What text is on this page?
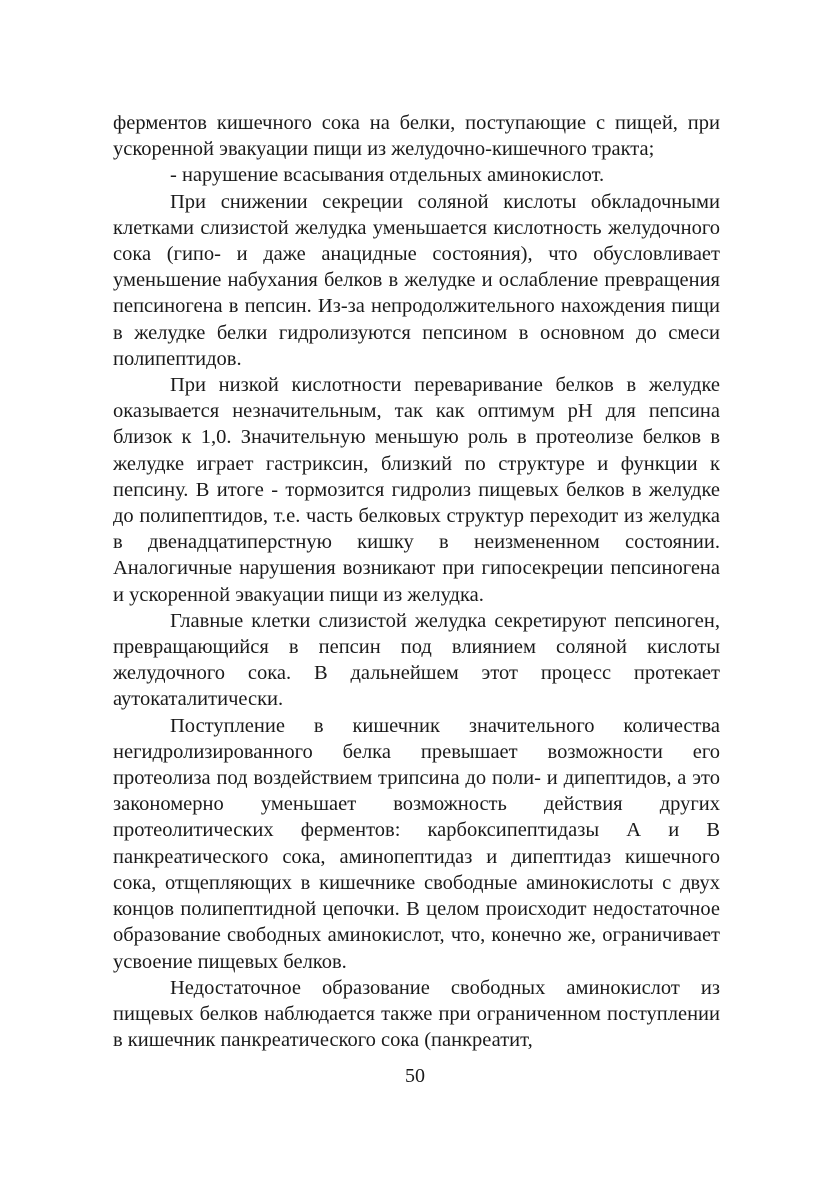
ферментов кишечного сока на белки, поступающие с пищей, при ускоренной эвакуации пищи из желудочно-кишечного тракта;

- нарушение всасывания отдельных аминокислот.

При снижении секреции соляной кислоты обкладочными клетками слизистой желудка уменьшается кислотность желудочного сока (гипо- и даже анацидные состояния), что обусловливает уменьшение набухания белков в желудке и ослабление превращения пепсиногена в пепсин. Из-за непродолжительного нахождения пищи в желудке белки гидролизуются пепсином в основном до смеси полипептидов.

При низкой кислотности переваривание белков в желудке оказывается незначительным, так как оптимум рН для пепсина близок к 1,0. Значительную меньшую роль в протеолизе белков в желудке играет гастриксин, близкий по структуре и функции к пепсину. В итоге - тормозится гидролиз пищевых белков в желудке до полипептидов, т.е. часть белковых структур переходит из желудка в двенадцатиперстную кишку в неизмененном состоянии. Аналогичные нарушения возникают при гипосекреции пепсиногена и ускоренной эвакуации пищи из желудка.

Главные клетки слизистой желудка секретируют пепсиноген, превращающийся в пепсин под влиянием соляной кислоты желудочного сока. В дальнейшем этот процесс протекает аутокаталитически.

Поступление в кишечник значительного количества негидролизированного белка превышает возможности его протеолиза под воздействием трипсина до поли- и дипептидов, а это закономерно уменьшает возможность действия других протеолитических ферментов: карбоксипептидазы А и В панкреатического сока, аминопептидаз и дипептидаз кишечного сока, отщепляющих в кишечнике свободные аминокислоты с двух концов полипептидной цепочки. В целом происходит недостаточное образование свободных аминокислот, что, конечно же, ограничивает усвоение пищевых белков.

Недостаточное образование свободных аминокислот из пищевых белков наблюдается также при ограниченном поступлении в кишечник панкреатического сока (панкреатит,

50
